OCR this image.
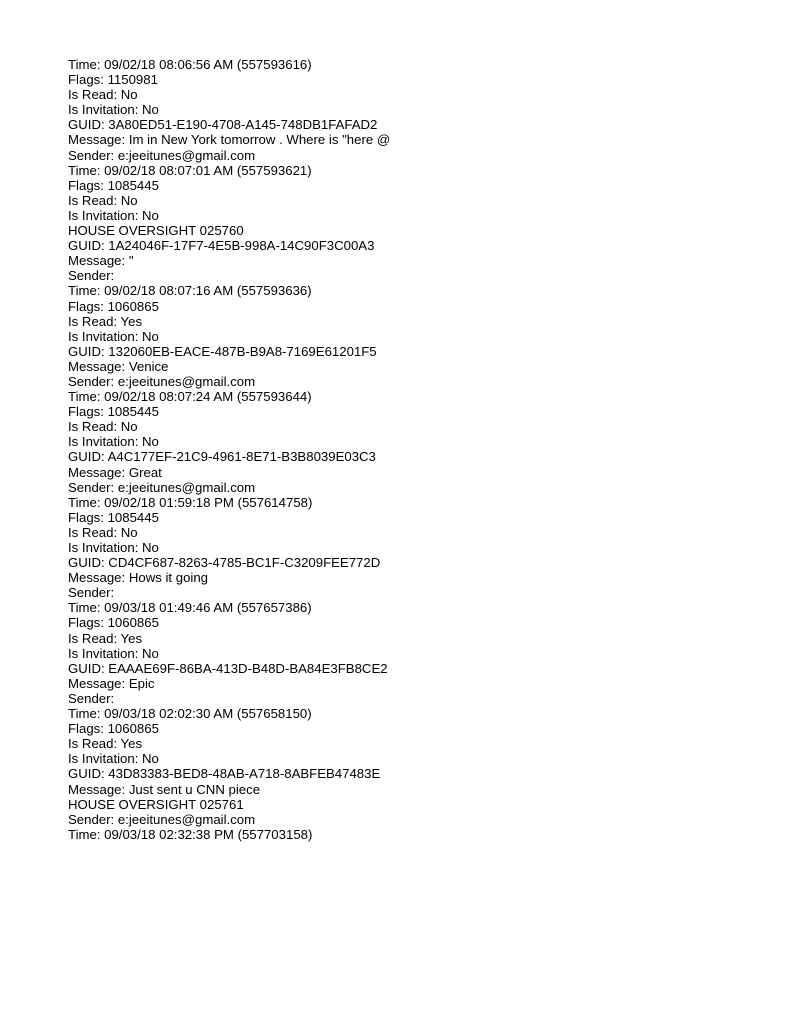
Time: 09/02/18 08:06:56 AM (557593616)
Flags: 1150981
Is Read: No
Is Invitation: No
GUID: 3A80ED51-E190-4708-A145-748DB1FAFAD2
Message: Im in New York tomorrow . Where is "here @
Sender: e:jeeitunes@gmail.com
Time: 09/02/18 08:07:01 AM (557593621)
Flags: 1085445
Is Read: No
Is Invitation: No
HOUSE OVERSIGHT 025760
GUID: 1A24046F-17F7-4E5B-998A-14C90F3C00A3
Message: "
Sender:
Time: 09/02/18 08:07:16 AM (557593636)
Flags: 1060865
Is Read: Yes
Is Invitation: No
GUID: 132060EB-EACE-487B-B9A8-7169E61201F5
Message: Venice
Sender: e:jeeitunes@gmail.com
Time: 09/02/18 08:07:24 AM (557593644)
Flags: 1085445
Is Read: No
Is Invitation: No
GUID: A4C177EF-21C9-4961-8E71-B3B8039E03C3
Message: Great
Sender: e:jeeitunes@gmail.com
Time: 09/02/18 01:59:18 PM (557614758)
Flags: 1085445
Is Read: No
Is Invitation: No
GUID: CD4CF687-8263-4785-BC1F-C3209FEE772D
Message: Hows it going
Sender:
Time: 09/03/18 01:49:46 AM (557657386)
Flags: 1060865
Is Read: Yes
Is Invitation: No
GUID: EAAAE69F-86BA-413D-B48D-BA84E3FB8CE2
Message: Epic
Sender:
Time: 09/03/18 02:02:30 AM (557658150)
Flags: 1060865
Is Read: Yes
Is Invitation: No
GUID: 43D83383-BED8-48AB-A718-8ABFEB47483E
Message: Just sent u CNN piece
HOUSE OVERSIGHT 025761
Sender: e:jeeitunes@gmail.com
Time: 09/03/18 02:32:38 PM (557703158)
